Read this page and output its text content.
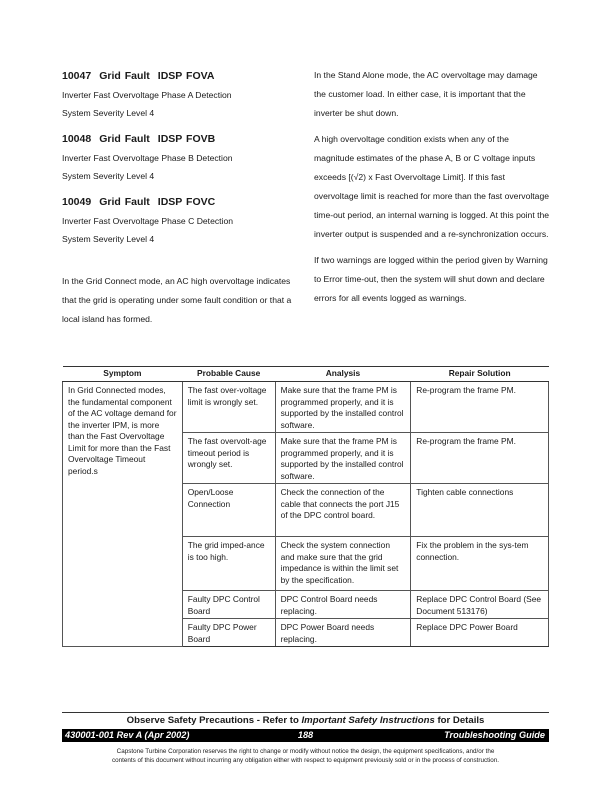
10047 Grid Fault IDSP FOVA
Inverter Fast Overvoltage Phase A Detection
System Severity Level 4
10048 Grid Fault IDSP FOVB
Inverter Fast Overvoltage Phase B Detection
System Severity Level 4
10049 Grid Fault IDSP FOVC
Inverter Fast Overvoltage Phase C Detection
System Severity Level 4

In the Grid Connect mode, an AC high overvoltage indicates that the grid is operating under some fault condition or that a local island has formed.

In the Stand Alone mode, the AC overvoltage may damage the customer load. In either case, it is important that the inverter be shut down.

A high overvoltage condition exists when any of the magnitude estimates of the phase A, B or C voltage inputs exceeds [(√2) x Fast Overvoltage Limit]. If this fast overvoltage limit is reached for more than the fast overvoltage time-out period, an internal warning is logged. At this point the inverter output is suspended and a re-synchronization occurs.

If two warnings are logged within the period given by Warning to Error time-out, then the system will shut down and declare errors for all events logged as warnings.

Symptom	Probable Cause	Analysis	Repair Solution
In Grid Connected modes, the fundamental component of the AC voltage demand for the inverter IPM, is more than the Fast Overvoltage Limit for more than the Fast Overvoltage Timeout period.s	The fast over-voltage limit is wrongly set.	Make sure that the frame PM is programmed properly, and it is supported by the installed control software.	Re-program the frame PM.
	The fast overvolt-age timeout period is wrongly set.	Make sure that the frame PM is programmed properly, and it is supported by the installed control software.	Re-program the frame PM.
	Open/Loose Connection	Check the connection of the cable that connects the port J15 of the DPC control board.	Tighten cable connections
	The grid imped-ance is too high.	Check the system connection and make sure that the grid impedance is within the limit set by the specification.	Fix the problem in the sys-tem connection.
	Faulty DPC Control Board	DPC Control Board needs replacing.	Replace DPC Control Board (See Document 513176)
	Faulty DPC Power Board	DPC Power Board needs replacing.	Replace DPC Power Board
Observe Safety Precautions - Refer to Important Safety Instructions for Details
430001-001 Rev A (Apr 2002)	188	Troubleshooting Guide
Capstone Turbine Corporation reserves the right to change or modify without notice the design, the equipment specifications, and/or the
contents of this document without incurring any obligation either with respect to equipment previously sold or in the process of construction.
